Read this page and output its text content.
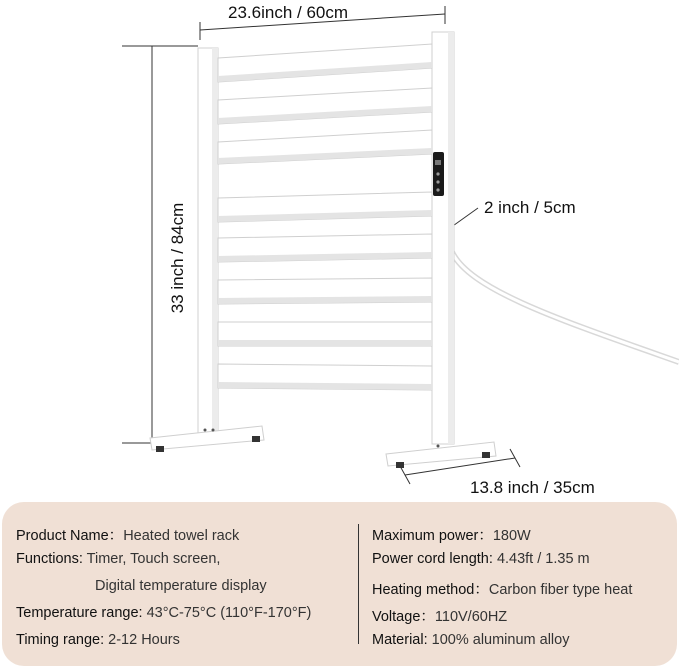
23.6inch / 60cm
33 inch / 84cm	2 inch / 5cm
13.8 inch / 35cm
Product Name：Heated towel rack
Functions: Timer, Touch screen,
Digital temperature display
Temperature range: 43°C-75°C (110°F-170°F)
Timing range: 2-12 Hours
Maximum power：180W
Power cord length: 4.43ft / 1.35 m
Heating method：Carbon fiber type heat
Voltage：110V/60HZ
Material: 100% aluminum alloy
